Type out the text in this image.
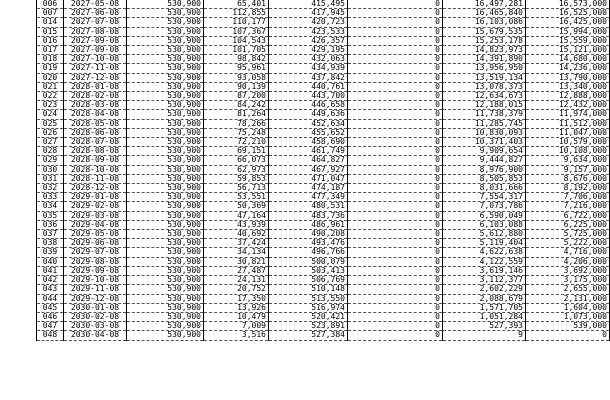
006	2027-05-08	530,900	65,401	415,495	0	16,497,281	16,573,000
007	2027-06-08	530,900	112,855	417,945	0	16,465,840	16,525,000
014	2027-07-08	530,900	110,177	420,723	0	16,103,086	16,425,000
015	2027-08-08	530,900	107,367	423,533	0	15,679,535	15,994,000
016	2027-09-08	530,900	104,543	426,357	0	15,253,178	15,559,000
017	2027-09-08	530,900	101,705	429,195	0	14,823,973	15,121,000
018	2027-10-08	530,900	98,842	432,063	0	14,391,890	14,680,000
019	2027-11-08	530,900	95,961	434,939	0	13,956,950	14,236,000
020	2027-12-08	530,900	93,058	437,842	0	13,519,134	13,790,000
021	2028-01-08	530,900	90,139	440,761	0	13,078,373	13,340,000
022	2028-02-08	530,900	87,200	443,700	0	12,634,673	12,888,000
023	2028-03-08	530,900	84,242	446,658	0	12,188,015	12,432,000
024	2028-04-08	530,900	81,264	449,636	0	11,738,379	11,974,000
025	2028-05-08	530,900	78,266	452,634	0	11,285,745	11,512,000
026	2028-06-08	530,900	75,248	455,652	0	10,830,093	11,047,000
027	2028-07-08	530,900	72,210	458,690	0	10,371,403	10,579,000
028	2028-08-08	530,900	69,151	461,749	0	9,909,654	10,108,000
029	2028-09-08	530,900	66,073	464,827	0	9,444,827	9,634,000
030	2028-10-08	530,900	62,973	467,927	0	8,976,900	9,157,000
031	2028-11-08	530,900	59,853	471,047	0	8,505,853	8,676,000
032	2028-12-08	530,900	56,713	474,187	0	8,031,666	8,192,000
033	2029-01-08	530,900	53,551	477,349	0	7,554,317	7,706,000
034	2029-02-08	530,900	50,369	480,531	0	7,073,786	7,216,000
035	2029-03-08	530,900	47,164	483,736	0	6,590,049	6,722,000
036	2029-04-08	530,900	43,939	486,961	0	6,103,088	6,225,000
037	2029-05-08	530,900	40,692	490,208	0	5,612,880	5,725,000
038	2029-06-08	530,900	37,424	493,476	0	5,119,404	5,222,000
039	2029-07-08	530,900	34,134	496,766	0	4,622,638	4,716,000
040	2029-08-08	530,900	30,821	500,079	0	4,122,559	4,206,000
041	2029-09-08	530,900	27,487	503,413	0	3,619,146	3,692,000
042	2029-10-08	530,900	24,131	506,769	0	3,112,377	3,175,000
043	2029-11-08	530,900	20,752	510,148	0	2,602,229	2,655,000
044	2029-12-08	530,900	17,350	513,550	0	2,088,679	2,131,000
045	2030-01-08	530,900	13,926	516,974	0	1,571,705	1,604,000
046	2030-02-08	530,900	10,479	520,421	0	1,051,284	1,073,000
047	2030-03-08	530,900	7,009	523,891	0	527,393	539,000
048	2030-04-08	530,900	3,516	527,384	0	9	0
